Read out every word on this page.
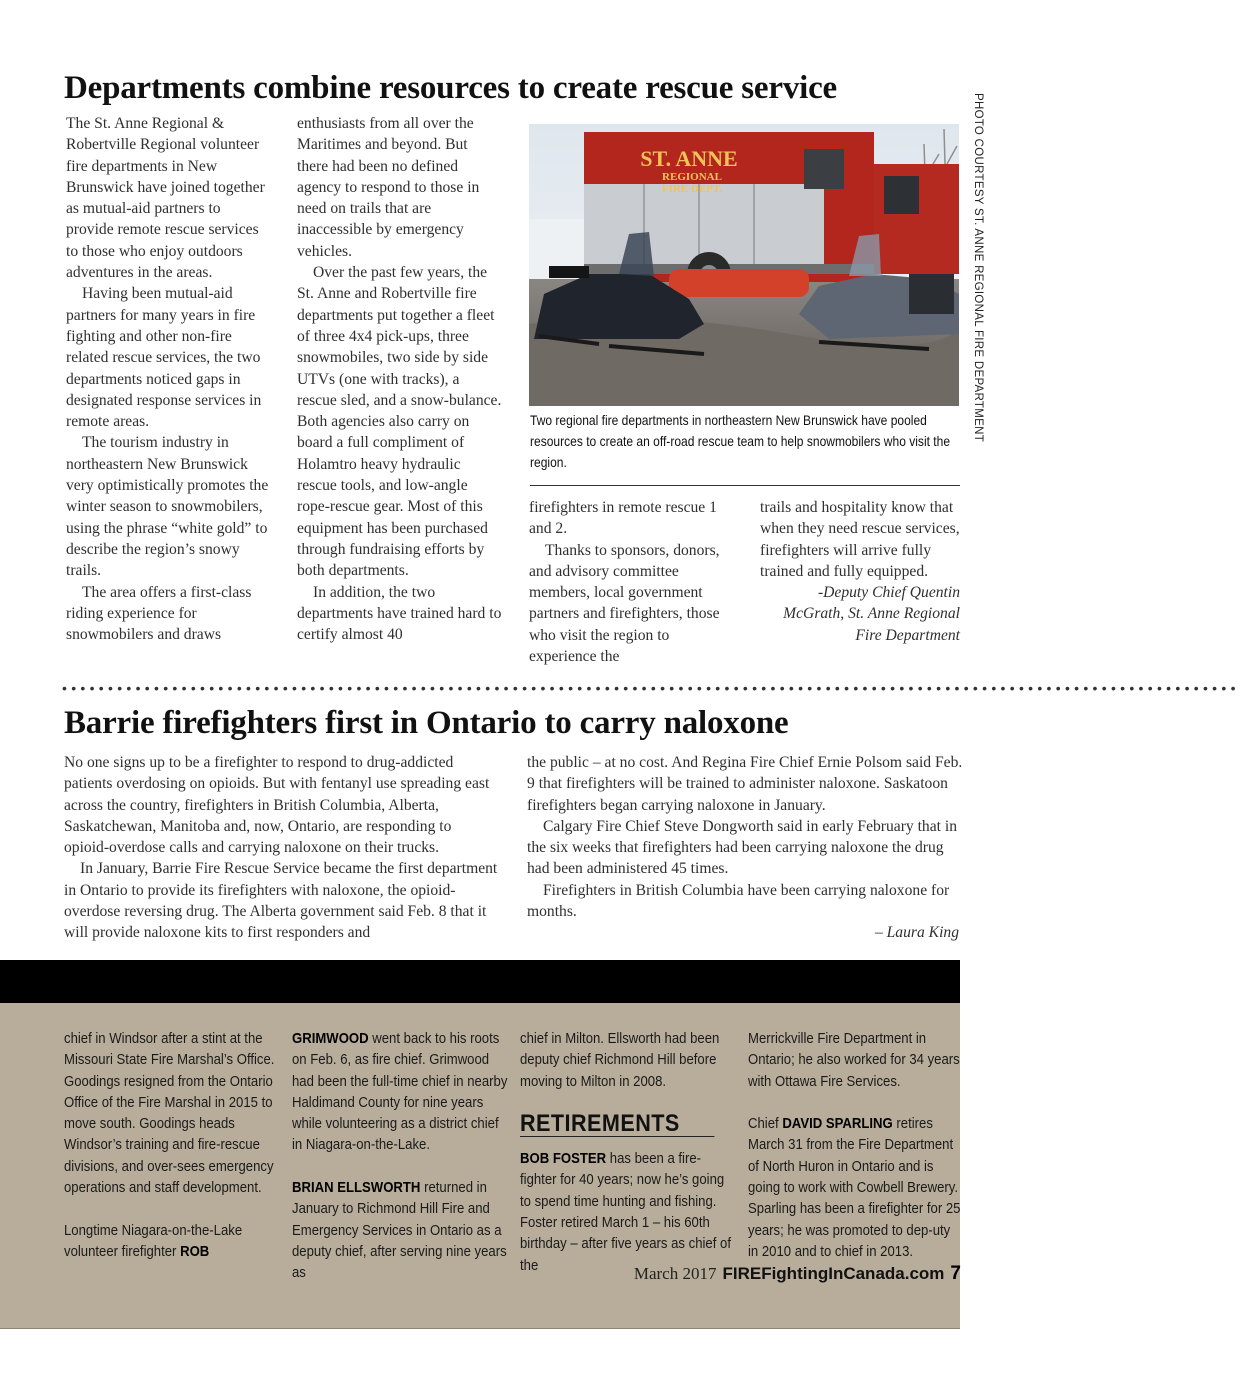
Departments combine resources to create rescue service
PHOTO COURTESY ST. ANNE REGIONAL FIRE DEPARTMENT

The St. Anne Regional & Robertville Regional volunteer fire departments in New Brunswick have joined together as mutual-aid partners to provide remote rescue services to those who enjoy outdoors adventures in the areas.

Having been mutual-aid partners for many years in fire fighting and other non-fire related rescue services, the two departments noticed gaps in designated response services in remote areas.

The tourism industry in northeastern New Brunswick very optimistically promotes the winter season to snowmobilers, using the phrase “white gold” to describe the region’s snowy trails.

The area offers a first-class riding experience for snowmobilers and draws

enthusiasts from all over the Maritimes and beyond. But there had been no defined agency to respond to those in need on trails that are inaccessible by emergency vehicles.

Over the past few years, the St. Anne and Robertville fire departments put together a fleet of three 4x4 pick-ups, three snowmobiles, two side by side UTVs (one with tracks), a rescue sled, and a snow-bulance. Both agencies also carry on board a full compliment of Holamtro heavy hydraulic rescue tools, and low-angle rope-rescue gear. Most of this equipment has been purchased through fundraising efforts by both departments.

In addition, the two departments have trained hard to certify almost 40

ST. ANNE
REGIONAL
FIRE DEPT.
Two regional fire departments in northeastern New Brunswick have pooled resources to create an off-road rescue team to help snowmobilers who visit the region.

firefighters in remote rescue 1 and 2.

Thanks to sponsors, donors, and advisory committee members, local government partners and firefighters, those who visit the region to experience the

trails and hospitality know that when they need rescue services, firefighters will arrive fully trained and fully equipped.

-Deputy Chief Quentin
McGrath, St. Anne Regional
Fire Department
••••••••••••••••••••••••••••••••••••••••••••••••••••••••••••••••••••••••••••••••••••••••••••••••••••••••••••••••••••••••••••••••
Barrie firefighters first in Ontario to carry naloxone

No one signs up to be a firefighter to respond to drug-addicted patients overdosing on opioids. But with fentanyl use spreading east across the country, firefighters in British Columbia, Alberta, Saskatchewan, Manitoba and, now, Ontario, are responding to opioid-overdose calls and carrying naloxone on their trucks.

In January, Barrie Fire Rescue Service became the first department in Ontario to provide its firefighters with naloxone, the opioid-overdose reversing drug. The Alberta government said Feb. 8 that it will provide naloxone kits to first responders and

the public – at no cost. And Regina Fire Chief Ernie Polsom said Feb. 9 that firefighters will be trained to administer naloxone. Saskatoon firefighters began carrying naloxone in January.

Calgary Fire Chief Steve Dongworth said in early February that in the six weeks that firefighters had been carrying naloxone the drug had been administered 45 times.

Firefighters in British Columbia have been carrying naloxone for months.

– Laura King

chief in Windsor after a stint at the Missouri State Fire Marshal’s Office. Goodings resigned from the Ontario Office of the Fire Marshal in 2015 to move south. Goodings heads Windsor’s training and fire-rescue divisions, and over-sees emergency operations and staff development.

Longtime Niagara-on-the-Lake volunteer firefighter ROB

GRIMWOOD went back to his roots on Feb. 6, as fire chief. Grimwood had been the full-time chief in nearby Haldimand County for nine years while volunteering as a district chief in Niagara-on-the-Lake.

BRIAN ELLSWORTH returned in January to Richmond Hill Fire and Emergency Services in Ontario as a deputy chief, after serving nine years as

chief in Milton. Ellsworth had been deputy chief Richmond Hill before moving to Milton in 2008.

RETIREMENTS

BOB FOSTER has been a fire-fighter for 40 years; now he’s going to spend time hunting and fishing. Foster retired March 1 – his 60th birthday – after five years as chief of the

Merrickville Fire Department in Ontario; he also worked for 34 years with Ottawa Fire Services.

Chief DAVID SPARLING retires March 31 from the Fire Department of North Huron in Ontario and is going to work with Cowbell Brewery. Sparling has been a firefighter for 25 years; he was promoted to dep-uty in 2010 and to chief in 2013.

March 2017 FIREFightingInCanada.com 7
